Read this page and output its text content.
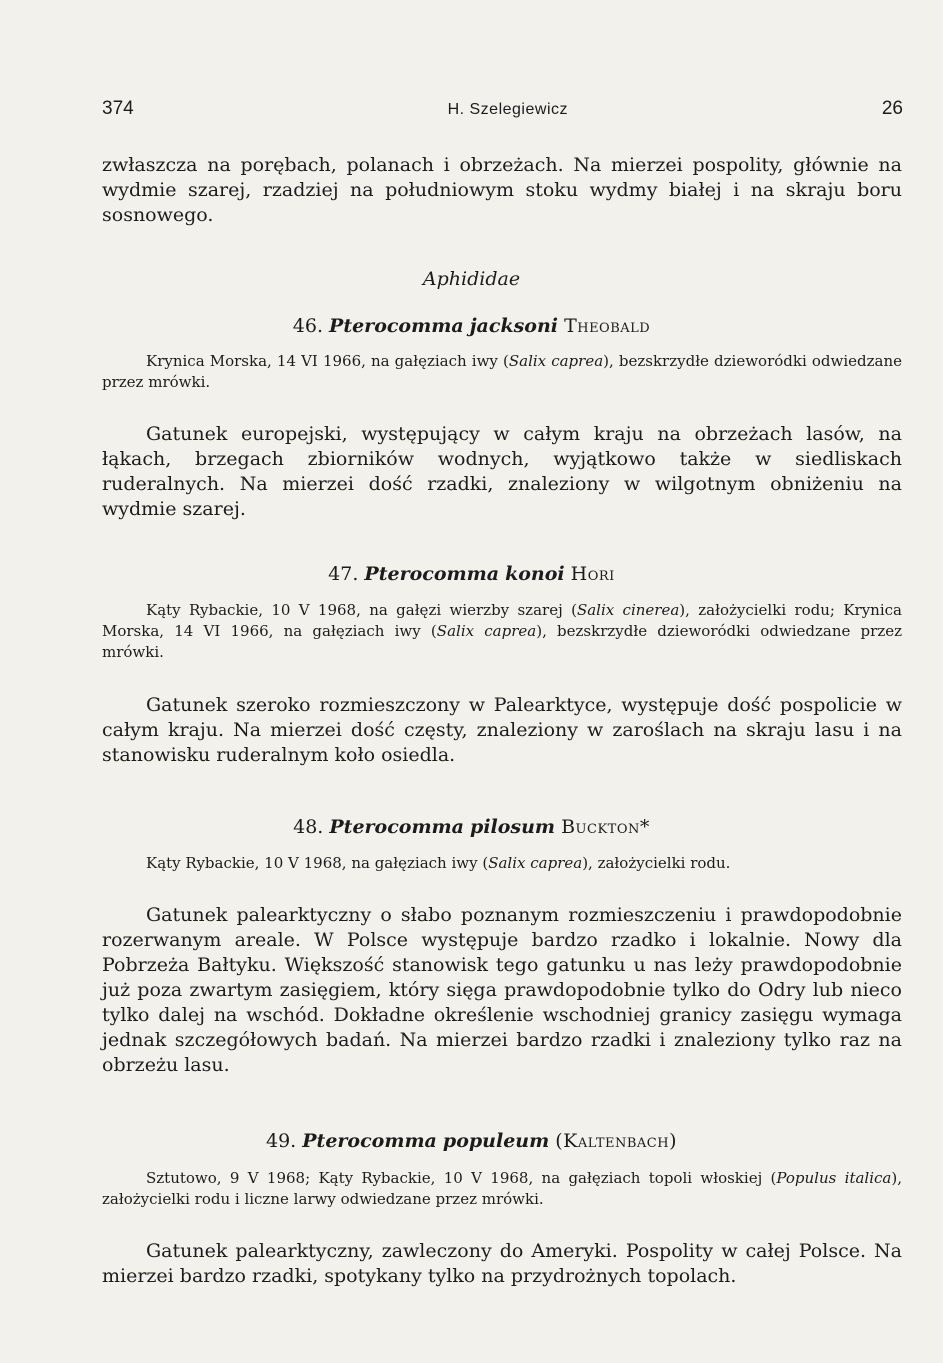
374	H. Szelegiewicz	26

zwłaszcza na porębach, polanach i obrzeżach. Na mierzei pospolity, głównie na wydmie szarej, rzadziej na południowym stoku wydmy białej i na skraju boru sosnowego.

Aphididae
46. Pterocomma jacksoni Theobald

Krynica Morska, 14 VI 1966, na gałęziach iwy (Salix caprea), bezskrzydłe dzieworódki odwiedzane przez mrówki.

Gatunek europejski, występujący w całym kraju na obrzeżach lasów, na łąkach, brzegach zbiorników wodnych, wyjątkowo także w siedliskach ruderalnych. Na mierzei dość rzadki, znaleziony w wilgotnym obniżeniu na wydmie szarej.

47. Pterocomma konoi Hori

Kąty Rybackie, 10 V 1968, na gałęzi wierzby szarej (Salix cinerea), założycielki rodu; Krynica Morska, 14 VI 1966, na gałęziach iwy (Salix caprea), bezskrzydłe dzieworódki odwiedzane przez mrówki.

Gatunek szeroko rozmieszczony w Palearktyce, występuje dość pospolicie w całym kraju. Na mierzei dość częsty, znaleziony w zaroślach na skraju lasu i na stanowisku ruderalnym koło osiedla.

48. Pterocomma pilosum Buckton*

Kąty Rybackie, 10 V 1968, na gałęziach iwy (Salix caprea), założycielki rodu.

Gatunek palearktyczny o słabo poznanym rozmieszczeniu i prawdopodobnie rozerwanym areale. W Polsce występuje bardzo rzadko i lokalnie. Nowy dla Pobrzeża Bałtyku. Większość stanowisk tego gatunku u nas leży prawdopodobnie już poza zwartym zasięgiem, który sięga prawdopodobnie tylko do Odry lub nieco tylko dalej na wschód. Dokładne określenie wschodniej granicy zasięgu wymaga jednak szczegółowych badań. Na mierzei bardzo rzadki i znaleziony tylko raz na obrzeżu lasu.

49. Pterocomma populeum (Kaltenbach)

Sztutowo, 9 V 1968; Kąty Rybackie, 10 V 1968, na gałęziach topoli włoskiej (Populus italica), założycielki rodu i liczne larwy odwiedzane przez mrówki.

Gatunek palearktyczny, zawleczony do Ameryki. Pospolity w całej Polsce. Na mierzei bardzo rzadki, spotykany tylko na przydrożnych topolach.
